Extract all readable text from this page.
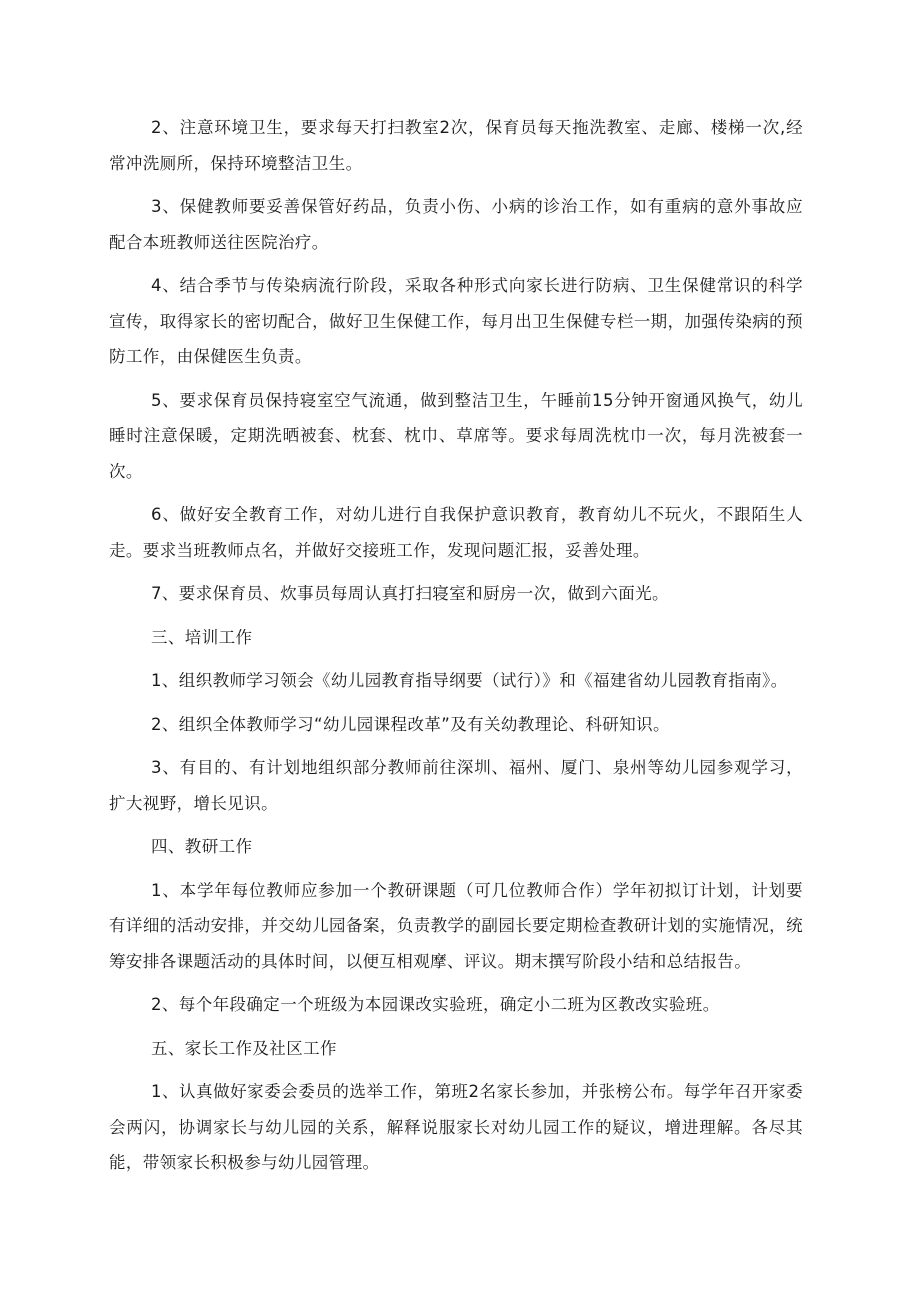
2、注意环境卫生，要求每天打扫教室2次，保育员每天拖洗教室、走廊、楼梯一次,经常冲洗厕所，保持环境整洁卫生。

3、保健教师要妥善保管好药品，负责小伤、小病的诊治工作，如有重病的意外事故应配合本班教师送往医院治疗。

4、结合季节与传染病流行阶段，采取各种形式向家长进行防病、卫生保健常识的科学宣传，取得家长的密切配合，做好卫生保健工作，每月出卫生保健专栏一期，加强传染病的预防工作，由保健医生负责。

5、要求保育员保持寝室空气流通，做到整洁卫生，午睡前15分钟开窗通风换气，幼儿睡时注意保暖，定期洗晒被套、枕套、枕巾、草席等。要求每周洗枕巾一次，每月洗被套一次。

6、做好安全教育工作，对幼儿进行自我保护意识教育，教育幼儿不玩火，不跟陌生人走。要求当班教师点名，并做好交接班工作，发现问题汇报，妥善处理。

7、要求保育员、炊事员每周认真打扫寝室和厨房一次，做到六面光。

三、培训工作

1、组织教师学习领会《幼儿园教育指导纲要（试行）》和《福建省幼儿园教育指南》。

2、组织全体教师学习“幼儿园课程改革”及有关幼教理论、科研知识。

3、有目的、有计划地组织部分教师前往深圳、福州、厦门、泉州等幼儿园参观学习，扩大视野，增长见识。

四、教研工作

1、本学年每位教师应参加一个教研课题（可几位教师合作）学年初拟订计划，计划要有详细的活动安排，并交幼儿园备案，负责教学的副园长要定期检查教研计划的实施情况，统筹安排各课题活动的具体时间，以便互相观摩、评议。期末撰写阶段小结和总结报告。

2、每个年段确定一个班级为本园课改实验班，确定小二班为区教改实验班。

五、家长工作及社区工作

1、认真做好家委会委员的选举工作，第班2名家长参加，并张榜公布。每学年召开家委会两闪，协调家长与幼儿园的关系，解释说服家长对幼儿园工作的疑议，增进理解。各尽其能，带领家长积极参与幼儿园管理。
